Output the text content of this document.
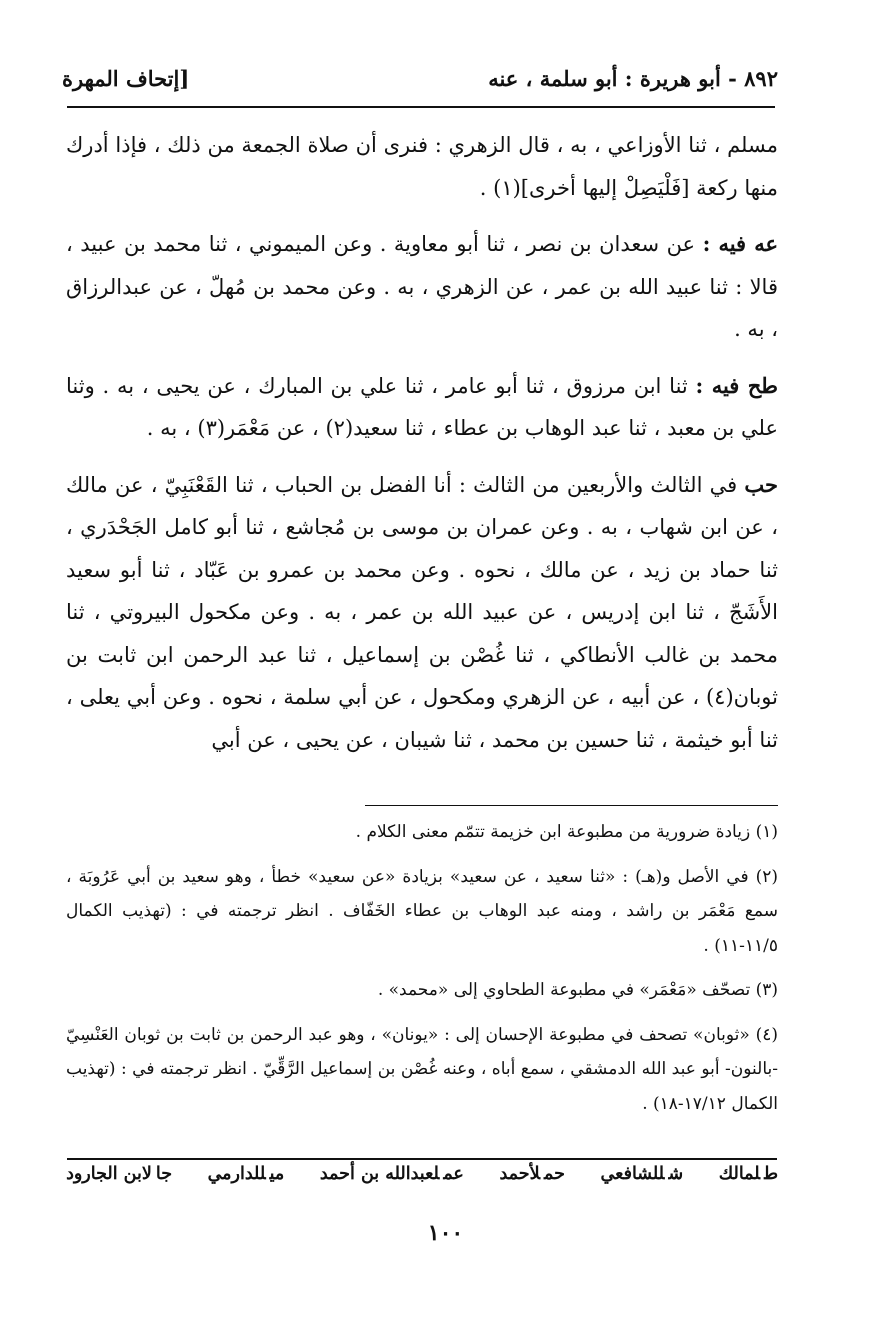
٨٩٢ - أبو هريرة : أبو سلمة ، عنه
[إتحاف المهرة

مسلم ، ثنا الأوزاعي ، به ، قال الزهري : فنرى أن صلاة الجمعة من ذلك ، فإذا أدرك منها ركعة [فَلْيَصِلْ إليها أخرى](١) .

عه فيه : عن سعدان بن نصر ، ثنا أبو معاوية . وعن الميموني ، ثنا محمد بن عبيد ، قالا : ثنا عبيد الله بن عمر ، عن الزهري ، به . وعن محمد بن مُهلّ ، عن عبدالرزاق ، به .

طح فيه : ثنا ابن مرزوق ، ثنا أبو عامر ، ثنا علي بن المبارك ، عن يحيى ، به . وثنا علي بن معبد ، ثنا عبد الوهاب بن عطاء ، ثنا سعيد(٢) ، عن مَعْمَر(٣) ، به .

حب في الثالث والأربعين من الثالث : أنا الفضل بن الحباب ، ثنا القَعْنَبِيّ ، عن مالك ، عن ابن شهاب ، به . وعن عمران بن موسى بن مُجاشع ، ثنا أبو كامل الجَحْدَري ، ثنا حماد بن زيد ، عن مالك ، نحوه . وعن محمد بن عمرو بن عَبّاد ، ثنا أبو سعيد الأَشَجّ ، ثنا ابن إدريس ، عن عبيد الله بن عمر ، به . وعن مكحول البيروتي ، ثنا محمد بن غالب الأنطاكي ، ثنا غُصْن بن إسماعيل ، ثنا عبد الرحمن ابن ثابت بن ثوبان(٤) ، عن أبيه ، عن الزهري ومكحول ، عن أبي سلمة ، نحوه . وعن أبي يعلى ، ثنا أبو خيثمة ، ثنا حسين بن محمد ، ثنا شيبان ، عن يحيى ، عن أبي

(١) زيادة ضرورية من مطبوعة ابن خزيمة تتمّم معنى الكلام .

(٢) في الأصل و(هـ) : «ثنا سعيد ، عن سعيد» بزيادة «عن سعيد» خطأ ، وهو سعيد بن أبي عَرُوبَة ، سمع مَعْمَر بن راشد ، ومنه عبد الوهاب بن عطاء الخَفّاف . انظر ترجمته في : (تهذيب الكمال ١١/٥-١١) .

(٣) تصحّف «مَعْمَر» في مطبوعة الطحاوي إلى «محمد» .

(٤) «ثوبان» تصحف في مطبوعة الإحسان إلى : «يونان» ، وهو عبد الرحمن بن ثابت بن ثوبان العَنْسِيّ -بالنون- أبو عبد الله الدمشقي ، سمع أباه ، وعنه غُصْن بن إسماعيل الرَّقِّيّ . انظر ترجمته في : (تهذيب الكمال ١٧/١٢-١٨) .

طلمالك
شللشافعي
حملأحمد
عملعبدالله بن أحمد
ميللدارمي
جالابن الجارود
١٠٠
